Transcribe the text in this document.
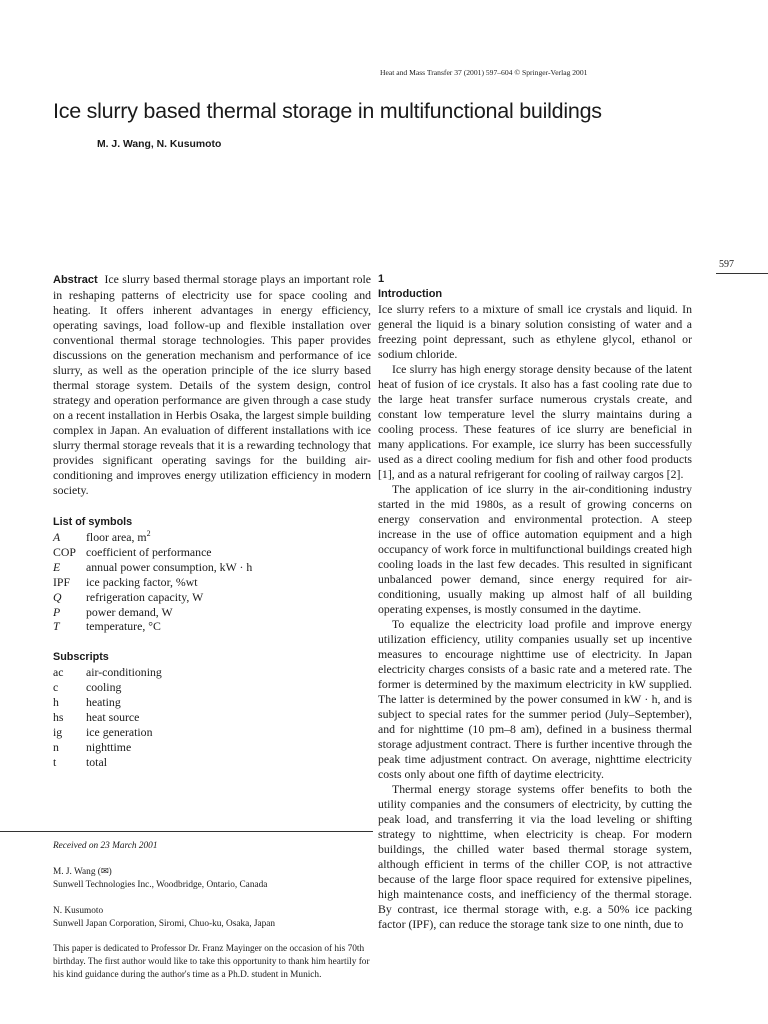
Heat and Mass Transfer 37 (2001) 597–604 © Springer-Verlag 2001
Ice slurry based thermal storage in multifunctional buildings
M. J. Wang, N. Kusumoto
597

Abstract Ice slurry based thermal storage plays an important role in reshaping patterns of electricity use for space cooling and heating. It offers inherent advantages in energy efficiency, operating savings, load follow-up and flexible installation over conventional thermal storage technologies. This paper provides discussions on the generation mechanism and performance of ice slurry, as well as the operation principle of the ice slurry based thermal storage system. Details of the system design, control strategy and operation performance are given through a case study on a recent installation in Herbis Osaka, the largest simple building complex in Japan. An evaluation of different installations with ice slurry thermal storage reveals that it is a rewarding technology that provides significant operating savings for the building air-conditioning and improves energy utilization efficiency in modern society.

List of symbols
A	floor area, $m^2$
COP	coefficient of performance
E	annual power consumption, kW · h
IPF	ice packing factor, %wt
Q	refrigeration capacity, W
P	power demand, W
T	temperature, °C
Subscripts
ac	air-conditioning
c	cooling
h	heating
hs	heat source
ig	ice generation
n	nighttime
t	total
Received on 23 March 2001

M. J. Wang (✉)

Sunwell Technologies Inc., Woodbridge, Ontario, Canada

N. Kusumoto

Sunwell Japan Corporation, Siromi, Chuo-ku, Osaka, Japan

This paper is dedicated to Professor Dr. Franz Mayinger on the occasion of his 70th birthday. The first author would like to take this opportunity to thank him heartily for his kind guidance during the author's time as a Ph.D. student in Munich.
1
Introduction

Ice slurry refers to a mixture of small ice crystals and liquid. In general the liquid is a binary solution consisting of water and a freezing point depressant, such as ethylene glycol, ethanol or sodium chloride.

Ice slurry has high energy storage density because of the latent heat of fusion of ice crystals. It also has a fast cooling rate due to the large heat transfer surface numerous crystals create, and constant low temperature level the slurry maintains during a cooling process. These features of ice slurry are beneficial in many applications. For example, ice slurry has been successfully used as a direct cooling medium for fish and other food products [1], and as a natural refrigerant for cooling of railway cargos [2].

The application of ice slurry in the air-conditioning industry started in the mid 1980s, as a result of growing concerns on energy conservation and environmental protection. A steep increase in the use of office automation equipment and a high occupancy of work force in multifunctional buildings created high cooling loads in the last few decades. This resulted in significant unbalanced power demand, since energy required for air-conditioning, usually making up almost half of all building operating expenses, is mostly consumed in the daytime.

To equalize the electricity load profile and improve energy utilization efficiency, utility companies usually set up incentive measures to encourage nighttime use of electricity. In Japan electricity charges consists of a basic rate and a metered rate. The former is determined by the maximum electricity in kW supplied. The latter is determined by the power consumed in kW · h, and is subject to special rates for the summer period (July–September), and for nighttime (10 pm–8 am), defined in a business thermal storage adjustment contract. There is further incentive through the peak time adjustment contract. On average, nighttime electricity costs only about one fifth of daytime electricity.

Thermal energy storage systems offer benefits to both the utility companies and the consumers of electricity, by cutting the peak load, and transferring it via the load leveling or shifting strategy to nighttime, when electricity is cheap. For modern buildings, the chilled water based thermal storage system, although efficient in terms of the chiller COP, is not attractive because of the large floor space required for extensive pipelines, high maintenance costs, and inefficiency of the thermal storage. By contrast, ice thermal storage with, e.g. a 50% ice packing factor (IPF), can reduce the storage tank size to one ninth, due to
